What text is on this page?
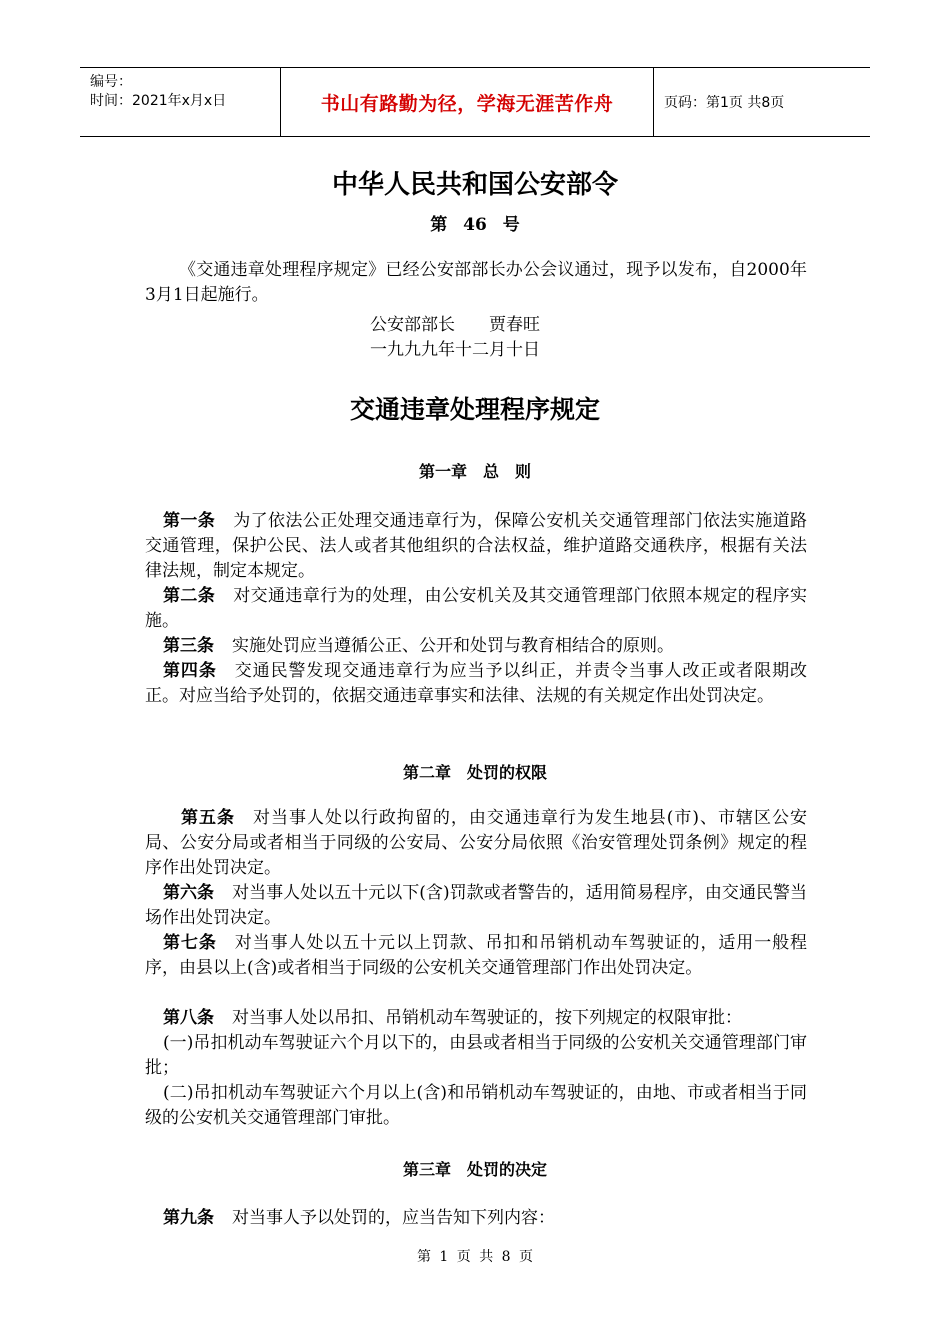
编号：
时间：2021年x月x日	书山有路勤为径，学海无涯苦作舟	页码：第1页 共8页
中华人民共和国公安部令
第 46 号
《交通违章处理程序规定》已经公安部部长办公会议通过，现予以发布，自2000年3月1日起施行。
公安部部长　　贾春旺
一九九九年十二月十日
交通违章处理程序规定
第一章　总　则
第一条 为了依法公正处理交通违章行为，保障公安机关交通管理部门依法实施道路交通管理，保护公民、法人或者其他组织的合法权益，维护道路交通秩序，根据有关法律法规，制定本规定。
第二条 对交通违章行为的处理，由公安机关及其交通管理部门依照本规定的程序实施。
第三条 实施处罚应当遵循公正、公开和处罚与教育相结合的原则。
第四条 交通民警发现交通违章行为应当予以纠正，并责令当事人改正或者限期改正。对应当给予处罚的，依据交通违章事实和法律、法规的有关规定作出处罚决定。
第二章　处罚的权限
第五条 对当事人处以行政拘留的，由交通违章行为发生地县(市)、市辖区公安局、公安分局或者相当于同级的公安局、公安分局依照《治安管理处罚条例》规定的程序作出处罚决定。
第六条 对当事人处以五十元以下(含)罚款或者警告的，适用简易程序，由交通民警当场作出处罚决定。
第七条 对当事人处以五十元以上罚款、吊扣和吊销机动车驾驶证的，适用一般程序，由县以上(含)或者相当于同级的公安机关交通管理部门作出处罚决定。
第八条 对当事人处以吊扣、吊销机动车驾驶证的，按下列规定的权限审批：
(一)吊扣机动车驾驶证六个月以下的，由县或者相当于同级的公安机关交通管理部门审批；
(二)吊扣机动车驾驶证六个月以上(含)和吊销机动车驾驶证的，由地、市或者相当于同级的公安机关交通管理部门审批。
第三章　处罚的决定
第九条 对当事人予以处罚的，应当告知下列内容：
第 1 页 共 8 页
